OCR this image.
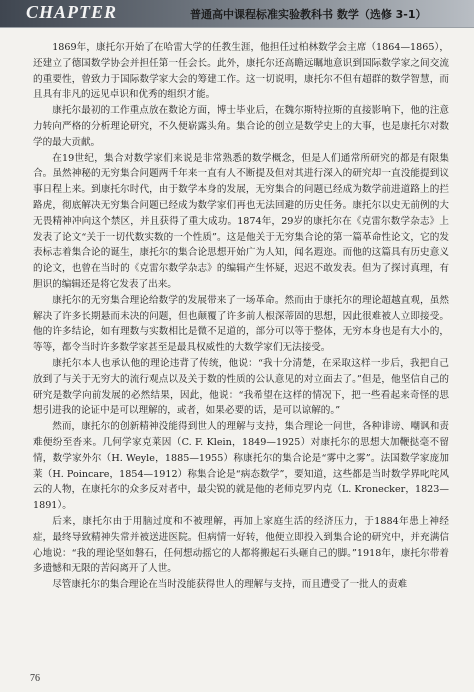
CHAPTER	普通高中课程标准实验教科书 数学（选修 3-1）

1869年，康托尔开始了在哈雷大学的任教生涯，他担任过柏林数学会主席（1864—1865），还建立了德国数学协会并担任第一任会长。此外，康托尔还高瞻远瞩地意识到国际数学家之间交流的重要性，曾致力于国际数学家大会的筹建工作。这一切说明，康托尔不但有超群的数学智慧，而且具有非凡的远见卓识和优秀的组织才能。

康托尔最初的工作重点放在数论方面，博士毕业后，在魏尔斯特拉斯的直接影响下，他的注意力转向严格的分析理论研究，不久便崭露头角。集合论的创立是数学史上的大事，也是康托尔对数学的最大贡献。

在19世纪，集合对数学家们来说是非常熟悉的数学概念，但是人们通常所研究的都是有限集合。虽然神秘的无穷集合问题两千年来一直有人不断提及但对其进行深入的研究却一直没能提到议事日程上来。到康托尔时代，由于数学本身的发展，无穷集合的问题已经成为数学前进道路上的拦路虎，彻底解决无穷集合问题已经成为数学家们再也无法回避的历史任务。康托尔以史无前例的大无畏精神冲向这个禁区，并且获得了重大成功。1874年，29岁的康托尔在《克雷尔数学杂志》上发表了论文“关于一切代数实数的一个性质”。这是他关于无穷集合论的第一篇革命性论文，它的发表标志着集合论的诞生，康托尔的集合论思想开始广为人知，闻名遐迩。而他的这篇具有历史意义的论文，也曾在当时的《克雷尔数学杂志》的编辑产生怀疑，迟迟不敢发表。但为了探讨真理，有胆识的编辑还是将它发表了出来。

康托尔的无穷集合理论给数学的发展带来了一场革命。然而由于康托尔的理论超越直观，虽然解决了许多长期悬而未决的问题，但也颠覆了许多前人根深蒂固的思想，因此很难被人立即接受。他的许多结论，如有理数与实数相比是微不足道的，部分可以等于整体，无穷本身也是有大小的，等等，都令当时许多数学家甚至是最具权威性的大数学家们无法接受。

康托尔本人也承认他的理论违背了传统，他说：“我十分清楚，在采取这样一步后，我把自己放到了与关于无穷大的流行观点以及关于数的性质的公认意见的对立面去了。”但是，他坚信自己的研究是数学向前发展的必然结果，因此，他说：“我希望在这样的情况下，把一些看起来奇怪的思想引进我的论证中是可以理解的，或者，如果必要的话，是可以谅解的。”

然而，康托尔的创新精神没能得到世人的理解与支持，集合理论一问世，各种诽谤、嘲讽和责难便纷至沓来。几何学家克莱因（C. F. Klein，1849—1925）对康托尔的思想大加鞭挞毫不留情，数学家外尔（H. Weyle，1885—1955）称康托尔的集合论是“雾中之雾”。法国数学家庞加莱（H. Poincare，1854—1912）称集合论是“病态数学”，要知道，这些都是当时数学界叱咤风云的人物，在康托尔的众多反对者中，最尖锐的就是他的老师克罗内克（L. Kronecker，1823—1891）。

后来，康托尔由于用脑过度和不被理解，再加上家庭生活的经济压力，于1884年患上神经症，最终导致精神失常并被送进医院。但病情一好转，他便立即投入到集合论的研究中，并充满信心地说：“我的理论坚如磐石，任何想动摇它的人都将搬起石头砸自己的脚。”1918年，康托尔带着多遗憾和无限的苦闷离开了人世。

尽管康托尔的集合理论在当时没能获得世人的理解与支持，而且遭受了一批人的责难

76
